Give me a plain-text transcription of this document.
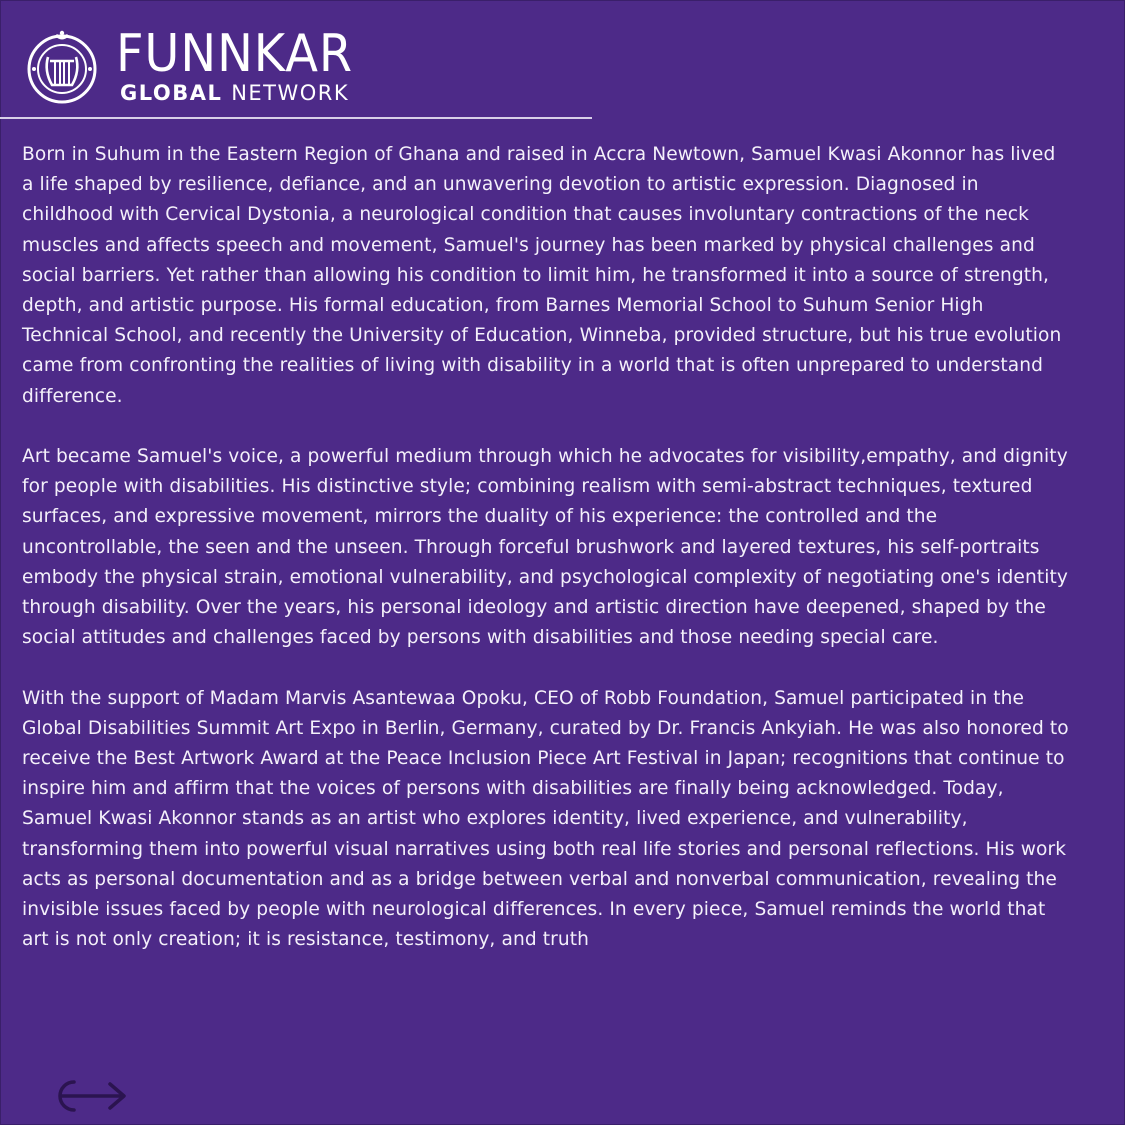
FUNNKAR
GLOBAL NETWORK

Born in Suhum in the Eastern Region of Ghana and raised in Accra Newtown, Samuel Kwasi Akonnor has lived a life shaped by resilience, defiance, and an unwavering devotion to artistic expression. Diagnosed in childhood with Cervical Dystonia, a neurological condition that causes involuntary contractions of the neck muscles and affects speech and movement, Samuel's journey has been marked by physical challenges and social barriers. Yet rather than allowing his condition to limit him, he transformed it into a source of strength, depth, and artistic purpose. His formal education, from Barnes Memorial School to Suhum Senior High Technical School, and recently the University of Education, Winneba, provided structure, but his true evolution came from confronting the realities of living with disability in a world that is often unprepared to understand difference.

Art became Samuel's voice, a powerful medium through which he advocates for visibility,empathy, and dignity for people with disabilities. His distinctive style; combining realism with semi-abstract techniques, textured surfaces, and expressive movement, mirrors the duality of his experience: the controlled and the uncontrollable, the seen and the unseen. Through forceful brushwork and layered textures, his self-portraits embody the physical strain, emotional vulnerability, and psychological complexity of negotiating one's identity through disability. Over the years, his personal ideology and artistic direction have deepened, shaped by the social attitudes and challenges faced by persons with disabilities and those needing special care.

With the support of Madam Marvis Asantewaa Opoku, CEO of Robb Foundation, Samuel participated in the Global Disabilities Summit Art Expo in Berlin, Germany, curated by Dr. Francis Ankyiah. He was also honored to receive the Best Artwork Award at the Peace Inclusion Piece Art Festival in Japan; recognitions that continue to inspire him and affirm that the voices of persons with disabilities are finally being acknowledged. Today, Samuel Kwasi Akonnor stands as an artist who explores identity, lived experience, and vulnerability, transforming them into powerful visual narratives using both real life stories and personal reflections. His work acts as personal documentation and as a bridge between verbal and nonverbal communication, revealing the invisible issues faced by people with neurological differences. In every piece, Samuel reminds the world that art is not only creation; it is resistance, testimony, and truth
